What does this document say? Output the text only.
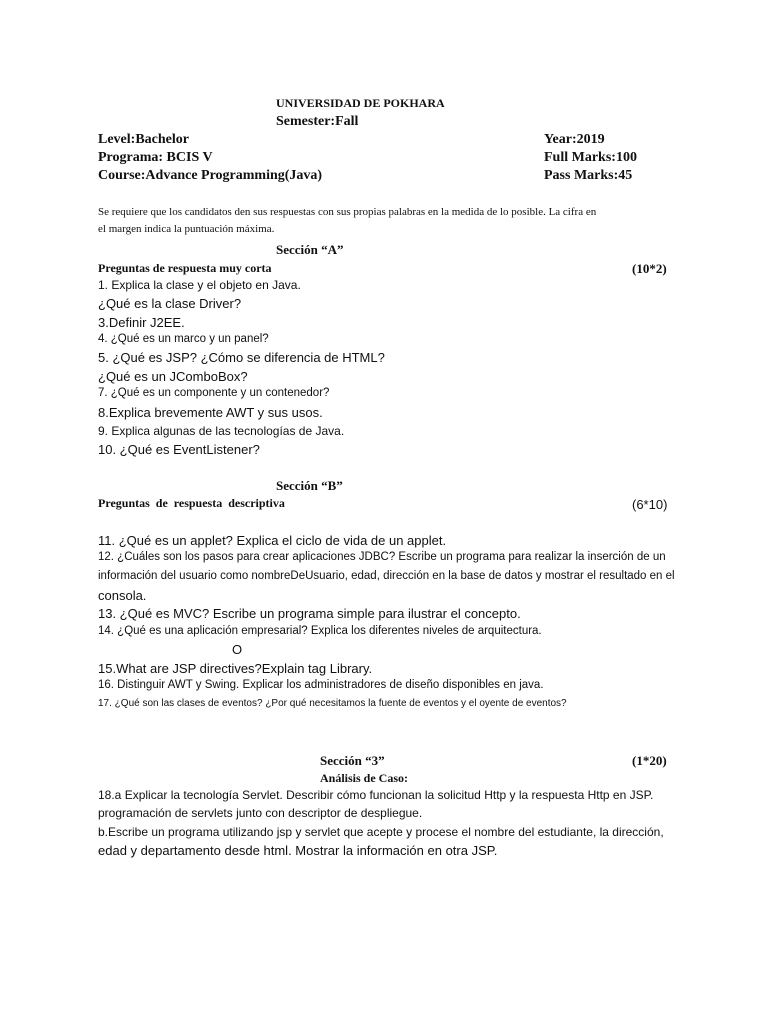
UNIVERSIDAD DE POKHARA
Semester:Fall
Level:Bachelor	Year:2019
Programa: BCIS V	Full Marks:100
Course:Advance Programming(Java)	Pass Marks:45
Se requiere que los candidatos den sus respuestas con sus propias palabras en la medida de lo posible. La cifra en
el margen indica la puntuación máxima.
Sección “A”
Preguntas de respuesta muy corta	(10*2)
1. Explica la clase y el objeto en Java.
¿Qué es la clase Driver?
3.Definir J2EE.
4. ¿Qué es un marco y un panel?
5. ¿Qué es JSP? ¿Cómo se diferencia de HTML?
¿Qué es un JComboBox?
7. ¿Qué es un componente y un contenedor?
8.Explica brevemente AWT y sus usos.
9. Explica algunas de las tecnologías de Java.
10. ¿Qué es EventListener?
Sección “B”
Preguntas de respuesta descriptiva	(6*10)
11. ¿Qué es un applet? Explica el ciclo de vida de un applet.
12. ¿Cuáles son los pasos para crear aplicaciones JDBC? Escribe un programa para realizar la inserción de un
información del usuario como nombreDeUsuario, edad, dirección en la base de datos y mostrar el resultado en el
consola.
13. ¿Qué es MVC? Escribe un programa simple para ilustrar el concepto.
14. ¿Qué es una aplicación empresarial? Explica los diferentes niveles de arquitectura.
O
15.What are JSP directives?Explain tag Library.
16. Distinguir AWT y Swing. Explicar los administradores de diseño disponibles en java.
17. ¿Qué son las clases de eventos? ¿Por qué necesitamos la fuente de eventos y el oyente de eventos?
Sección “3”	(1*20)
Análisis de Caso:
18.a Explicar la tecnología Servlet. Describir cómo funcionan la solicitud Http y la respuesta Http en JSP.
programación de servlets junto con descriptor de despliegue.
b.Escribe un programa utilizando jsp y servlet que acepte y procese el nombre del estudiante, la dirección,
edad y departamento desde html. Mostrar la información en otra JSP.
